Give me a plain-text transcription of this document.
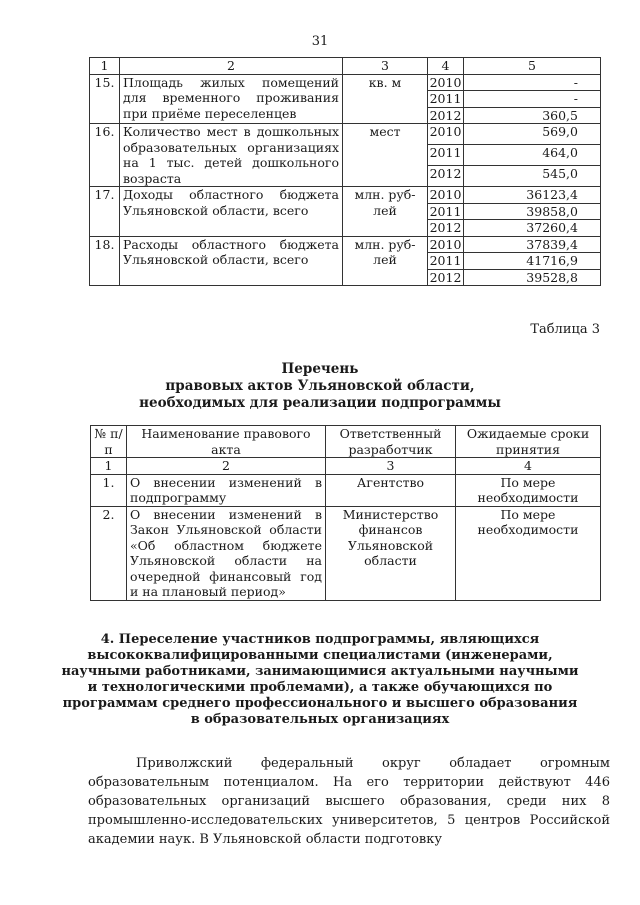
31
1	2	3	4	5
15.	Площадь жилых помещений для временного проживания при приёме переселенцев	кв. м	2010	-
			2011	-
			2012	360,5
16.	Количество мест в дошкольных образовательных организациях на 1 тыс. детей дошкольного возраста	мест	2010	569,0
			2011	464,0
			2012	545,0
17.	Доходы областного бюджета Ульяновской области, всего	млн. руб-лей	2010	36123,4
			2011	39858,0
			2012	37260,4
18.	Расходы областного бюджета Ульяновской области, всего	млн. руб-лей	2010	37839,4
			2011	41716,9
			2012	39528,8
Таблица 3
Перечень
правовых актов Ульяновской области,
необходимых для реализации подпрограммы
№ п/п	Наименование правового акта	Ответственный разработчик	Ожидаемые сроки принятия
1	2	3	4
1.	О внесении изменений в подпрограмму	Агентство	По мере необходимости
2.	О внесении изменений в Закон Ульяновской области «Об областном бюджете Ульяновской области на очередной финансовый год и на плановый период»	Министерство финансов Ульяновской области	По мере необходимости
4. Переселение участников подпрограммы, являющихся высококвалифицированными специалистами (инженерами, научными работниками, занимающимися актуальными научными и технологическими проблемами), а также обучающихся по программам среднего профессионального и высшего образования в образовательных организациях

Приволжский федеральный округ обладает огромным образовательным потенциалом. На его территории действуют 446 образовательных организаций высшего образования, среди них 8 промышленно-исследовательских университетов, 5 центров Российской академии наук. В Ульяновской области подготовку
